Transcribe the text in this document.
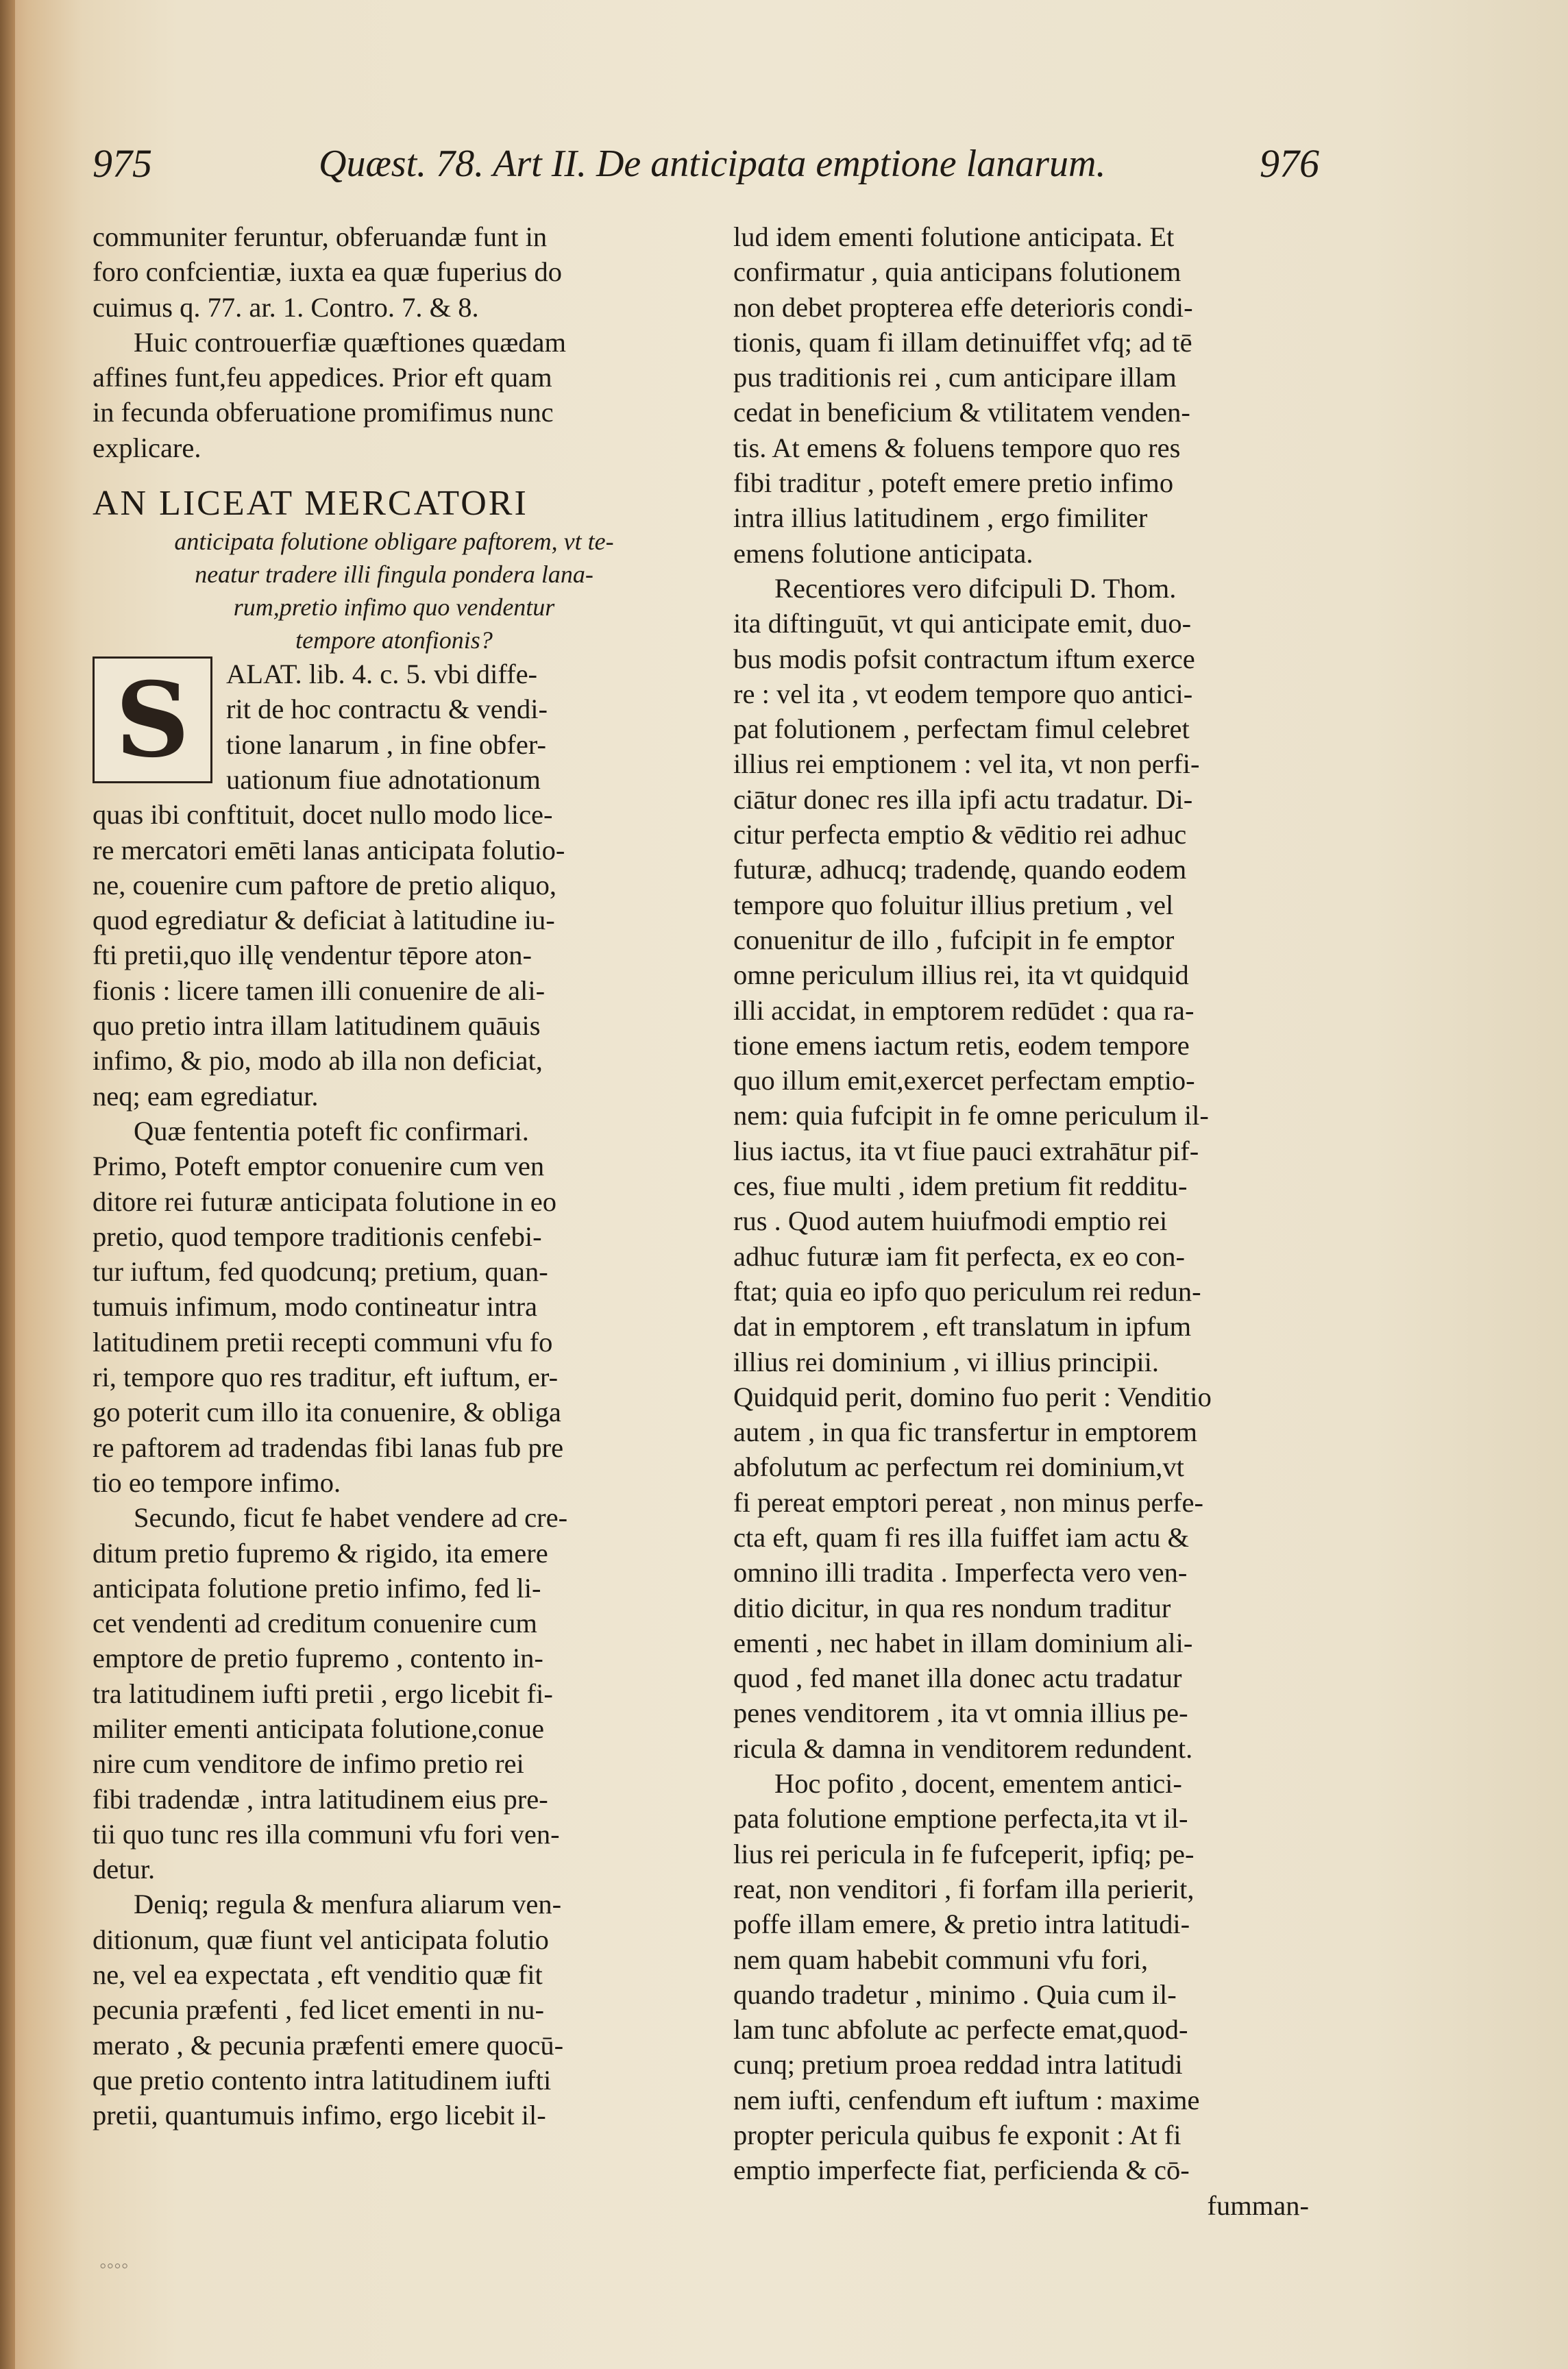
975	Quæst. 78. Art II. De anticipata emptione lanarum.	976
communiter feruntur, obferuandæ funt in
foro confcientiæ, iuxta ea quæ fuperius do
cuimus q. 77. ar. 1. Contro. 7. & 8.
Huic controuerfiæ quæftiones quædam
affines funt,feu appedices. Prior eft quam
in fecunda obferuatione promifimus nunc
explicare.
AN LICEAT MERCATORI
anticipata folutione obligare paftorem, vt te-
neatur tradere illi fingula pondera lana-
rum,pretio infimo quo vendentur
tempore atonfionis?
S	ALAT. lib. 4. c. 5. vbi diffe-
rit de hoc contractu & vendi-
tione lanarum , in fine obfer-
uationum fiue adnotationum
quas ibi conftituit, docet nullo modo lice-
re mercatori emēti lanas anticipata folutio-
ne, couenire cum paftore de pretio aliquo,
quod egrediatur & deficiat à latitudine iu-
fti pretii,quo illę vendentur tēpore aton-
fionis : licere tamen illi conuenire de ali-
quo pretio intra illam latitudinem quāuis
infimo, & pio, modo ab illa non deficiat,
neq; eam egrediatur.
Quæ fententia poteft fic confirmari.
Primo, Poteft emptor conuenire cum ven
ditore rei futuræ anticipata folutione in eo
pretio, quod tempore traditionis cenfebi-
tur iuftum, fed quodcunq; pretium, quan-
tumuis infimum, modo contineatur intra
latitudinem pretii recepti communi vfu fo
ri, tempore quo res traditur, eft iuftum, er-
go poterit cum illo ita conuenire, & obliga
re paftorem ad tradendas fibi lanas fub pre
tio eo tempore infimo.
Secundo, ficut fe habet vendere ad cre-
ditum pretio fupremo & rigido, ita emere
anticipata folutione pretio infimo, fed li-
cet vendenti ad creditum conuenire cum
emptore de pretio fupremo , contento in-
tra latitudinem iufti pretii , ergo licebit fi-
militer ementi anticipata folutione,conue
nire cum venditore de infimo pretio rei
fibi tradendæ , intra latitudinem eius pre-
tii quo tunc res illa communi vfu fori ven-
detur.
Deniq; regula & menfura aliarum ven-
ditionum, quæ fiunt vel anticipata folutio
ne, vel ea expectata , eft venditio quæ fit
pecunia præfenti , fed licet ementi in nu-
merato , & pecunia præfenti emere quocū-
que pretio contento intra latitudinem iufti
pretii, quantumuis infimo, ergo licebit il-
lud idem ementi folutione anticipata. Et
confirmatur , quia anticipans folutionem
non debet propterea effe deterioris condi-
tionis, quam fi illam detinuiffet vfq; ad tē
pus traditionis rei , cum anticipare illam
cedat in beneficium & vtilitatem venden-
tis. At emens & foluens tempore quo res
fibi traditur , poteft emere pretio infimo
intra illius latitudinem , ergo fimiliter
emens folutione anticipata.
Recentiores vero difcipuli D. Thom.
ita diftinguūt, vt qui anticipate emit, duo-
bus modis pofsit contractum iftum exerce
re : vel ita , vt eodem tempore quo antici-
pat folutionem , perfectam fimul celebret
illius rei emptionem : vel ita, vt non perfi-
ciātur donec res illa ipfi actu tradatur. Di-
citur perfecta emptio & vēditio rei adhuc
futuræ, adhucq; tradendę, quando eodem
tempore quo foluitur illius pretium , vel
conuenitur de illo , fufcipit in fe emptor
omne periculum illius rei, ita vt quidquid
illi accidat, in emptorem redūdet : qua ra-
tione emens iactum retis, eodem tempore
quo illum emit,exercet perfectam emptio-
nem: quia fufcipit in fe omne periculum il-
lius iactus, ita vt fiue pauci extrahātur pif-
ces, fiue multi , idem pretium fit redditu-
rus . Quod autem huiufmodi emptio rei
adhuc futuræ iam fit perfecta, ex eo con-
ftat; quia eo ipfo quo periculum rei redun-
dat in emptorem , eft translatum in ipfum
illius rei dominium , vi illius principii.
Quidquid perit, domino fuo perit : Venditio
autem , in qua fic transfertur in emptorem
abfolutum ac perfectum rei dominium,vt
fi pereat emptori pereat , non minus perfe-
cta eft, quam fi res illa fuiffet iam actu &
omnino illi tradita . Imperfecta vero ven-
ditio dicitur, in qua res nondum traditur
ementi , nec habet in illam dominium ali-
quod , fed manet illa donec actu tradatur
penes venditorem , ita vt omnia illius pe-
ricula & damna in venditorem redundent.
Hoc pofito , docent, ementem antici-
pata folutione emptione perfecta,ita vt il-
lius rei pericula in fe fufceperit, ipfiq; pe-
reat, non venditori , fi forfam illa perierit,
poffe illam emere, & pretio intra latitudi-
nem quam habebit communi vfu fori,
quando tradetur , minimo . Quia cum il-
lam tunc abfolute ac perfecte emat,quod-
cunq; pretium proea reddad intra latitudi
nem iufti, cenfendum eft iuftum : maxime
propter pericula quibus fe exponit : At fi
emptio imperfecte fiat, perficienda & cō-
fumman-
◦◦◦◦
